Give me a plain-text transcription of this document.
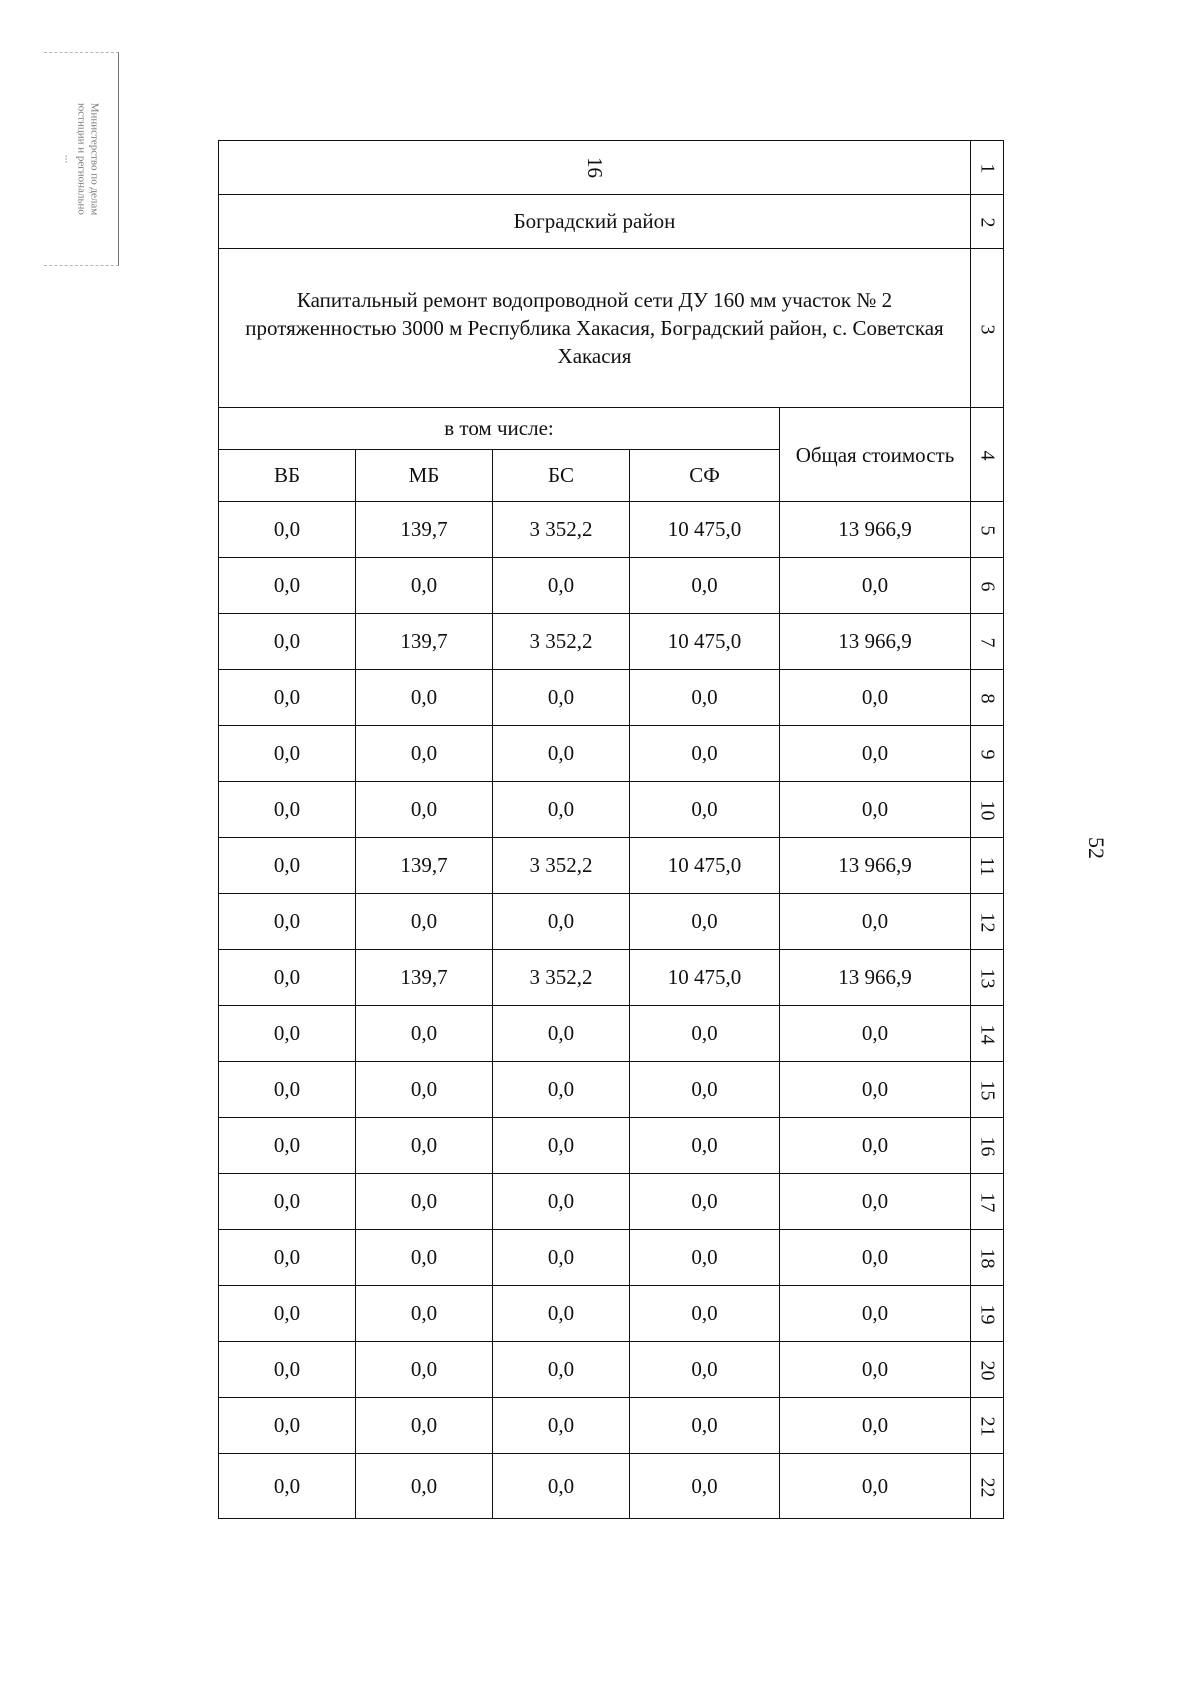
Министерство по делам
юстиции и регионально
...
52
16					1
Боградский район					2
Капитальный ремонт водопроводной сети ДУ 160 мм участок № 2 протяженностью 3000 м Республика Хакасия, Боградский район, с. Советская Хакасия					3
в том числе:				Общая стоимость	4
ВБ	МБ	БС	СФ		
0,0	139,7	3 352,2	10 475,0	13 966,9	5
0,0	0,0	0,0	0,0	0,0	6
0,0	139,7	3 352,2	10 475,0	13 966,9	7
0,0	0,0	0,0	0,0	0,0	8
0,0	0,0	0,0	0,0	0,0	9
0,0	0,0	0,0	0,0	0,0	10
0,0	139,7	3 352,2	10 475,0	13 966,9	11
0,0	0,0	0,0	0,0	0,0	12
0,0	139,7	3 352,2	10 475,0	13 966,9	13
0,0	0,0	0,0	0,0	0,0	14
0,0	0,0	0,0	0,0	0,0	15
0,0	0,0	0,0	0,0	0,0	16
0,0	0,0	0,0	0,0	0,0	17
0,0	0,0	0,0	0,0	0,0	18
0,0	0,0	0,0	0,0	0,0	19
0,0	0,0	0,0	0,0	0,0	20
0,0	0,0	0,0	0,0	0,0	21
0,0	0,0	0,0	0,0	0,0	22
